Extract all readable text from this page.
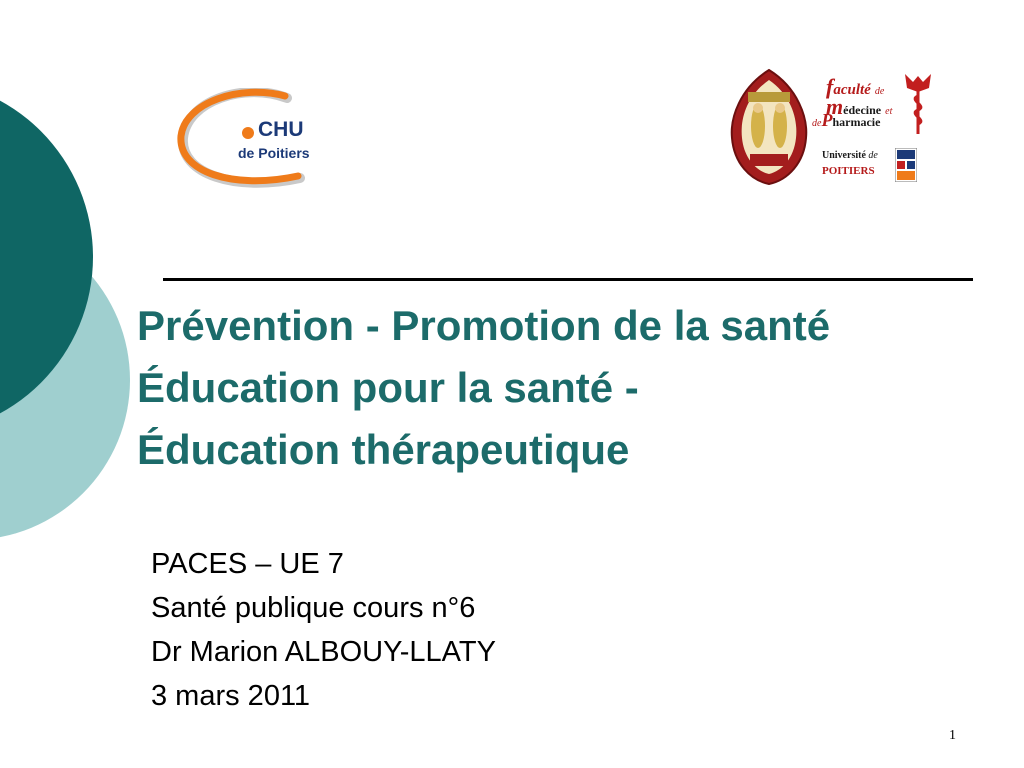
CHU
de Poitiers
faculté de
médecine et
dePharmacie
Université de
POITIERS
Prévention - Promotion de la santé
Éducation pour la santé -
Éducation thérapeutique
PACES – UE 7
Santé publique cours n°6
Dr Marion ALBOUY-LLATY
3 mars 2011
1
